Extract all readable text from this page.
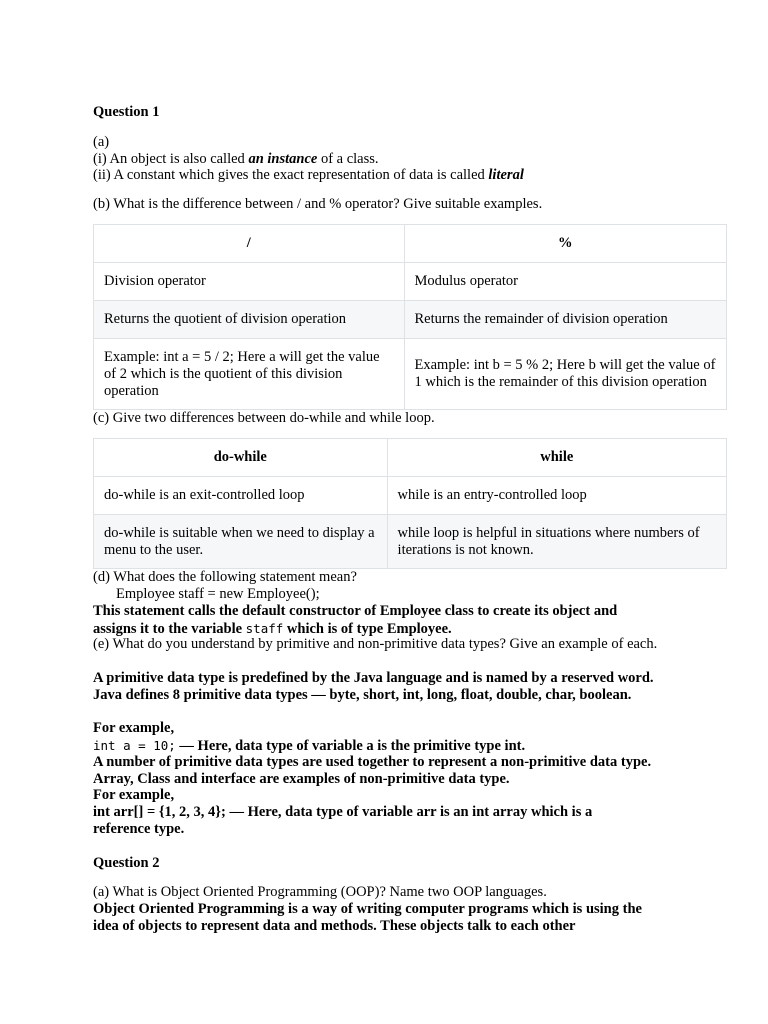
Question 1
(a)
(i) An object is also called an instance of a class.
(ii) A constant which gives the exact representation of data is called literal
(b) What is the difference between / and % operator? Give suitable examples.
/	%
Division operator	Modulus operator
Returns the quotient of division operation	Returns the remainder of division operation
Example: int a = 5 / 2; Here a will get the value of 2 which is the quotient of this division operation	Example: int b = 5 % 2; Here b will get the value of 1 which is the remainder of this division operation
(c) Give two differences between do-while and while loop.
do-while	while
do-while is an exit-controlled loop	while is an entry-controlled loop
do-while is suitable when we need to display a menu to the user.	while loop is helpful in situations where numbers of iterations is not known.
(d) What does the following statement mean?
Employee staff = new Employee();
This statement calls the default constructor of Employee class to create its object and assigns it to the variable staff which is of type Employee.
(e) What do you understand by primitive and non-primitive data types? Give an example of each.
A primitive data type is predefined by the Java language and is named by a reserved word. Java defines 8 primitive data types — byte, short, int, long, float, double, char, boolean.
For example,
int a = 10; — Here, data type of variable a is the primitive type int.
A number of primitive data types are used together to represent a non-primitive data type. Array, Class and interface are examples of non-primitive data type.
For example,
int arr[] = {1, 2, 3, 4}; — Here, data type of variable arr is an int array which is a reference type.
Question 2
(a) What is Object Oriented Programming (OOP)? Name two OOP languages.
Object Oriented Programming is a way of writing computer programs which is using the idea of objects to represent data and methods. These objects talk to each other
